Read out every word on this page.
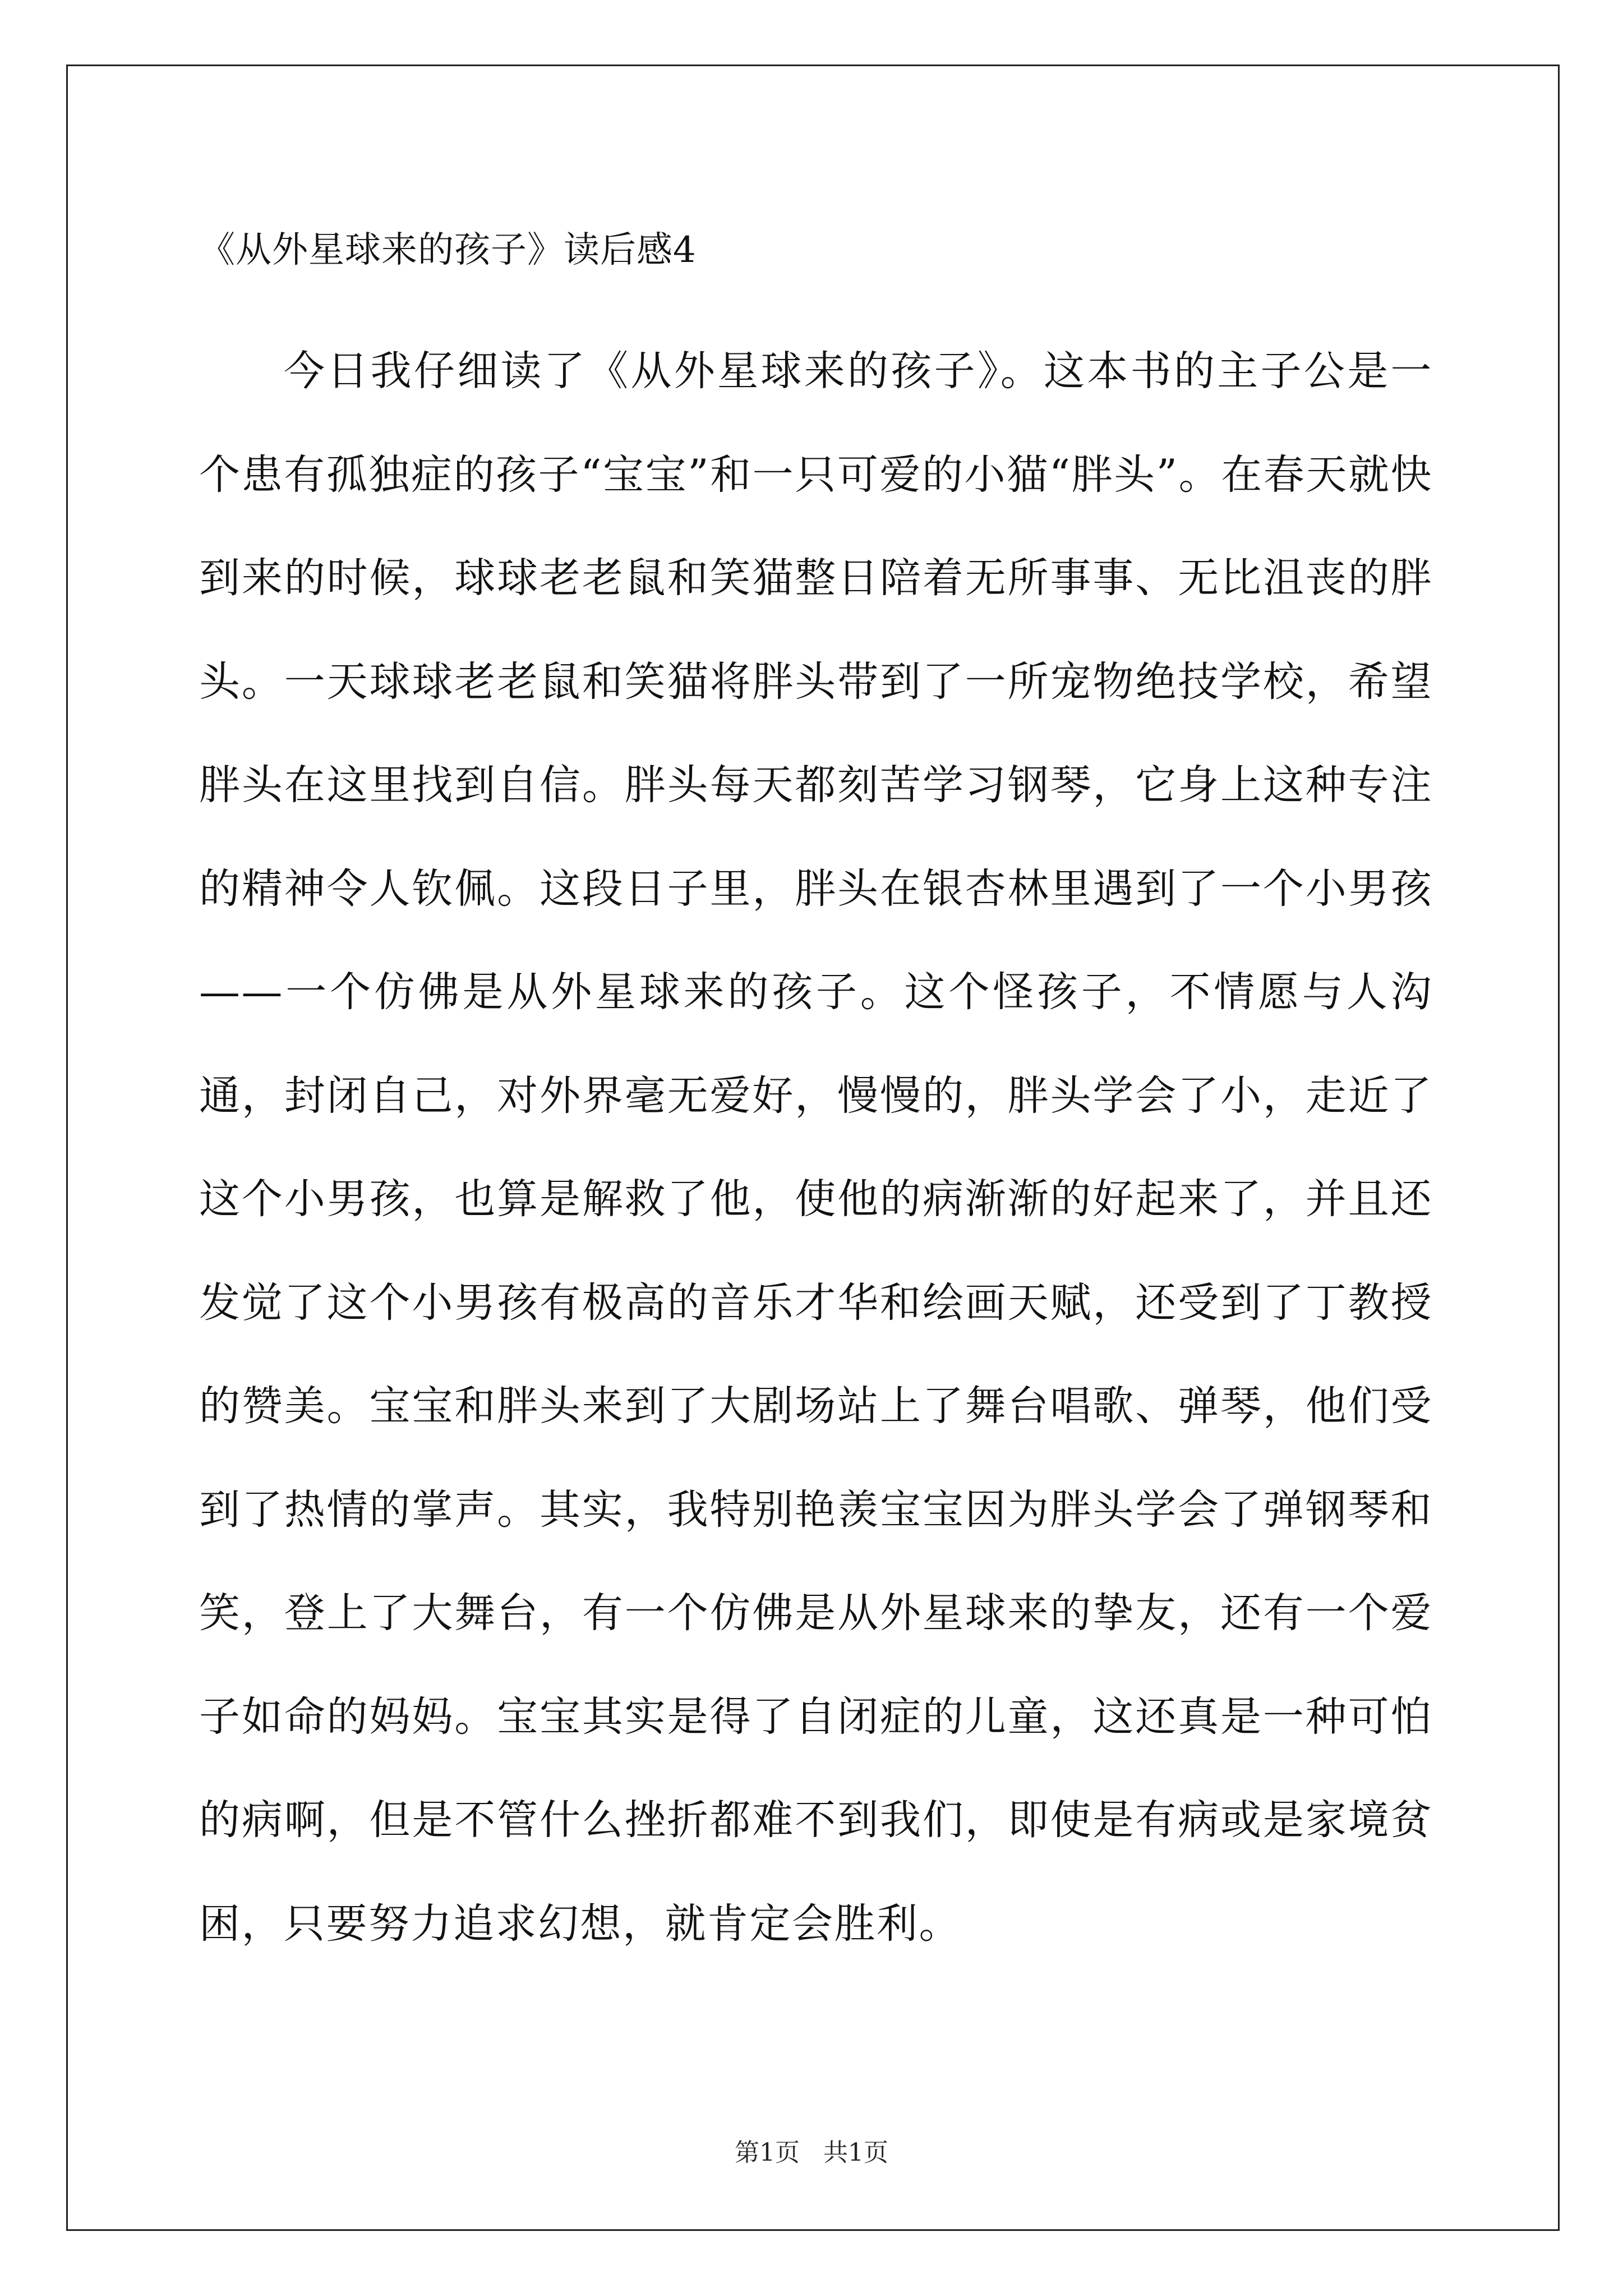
《从外星球来的孩子》读后感4

今日我仔细读了《从外星球来的孩子》。这本书的主子公是一个患有孤独症的孩子“宝宝”和一只可爱的小猫“胖头”。在春天就快到来的时候，球球老老鼠和笑猫整日陪着无所事事、无比沮丧的胖头。一天球球老老鼠和笑猫将胖头带到了一所宠物绝技学校，希望胖头在这里找到自信。胖头每天都刻苦学习钢琴，它身上这种专注的精神令人钦佩。这段日子里，胖头在银杏林里遇到了一个小男孩——一个仿佛是从外星球来的孩子。这个怪孩子，不情愿与人沟通，封闭自己，对外界毫无爱好，慢慢的，胖头学会了小，走近了这个小男孩，也算是解救了他，使他的病渐渐的好起来了，并且还发觉了这个小男孩有极高的音乐才华和绘画天赋，还受到了丁教授的赞美。宝宝和胖头来到了大剧场站上了舞台唱歌、弹琴，他们受到了热情的掌声。其实，我特别艳羡宝宝因为胖头学会了弹钢琴和笑，登上了大舞台，有一个仿佛是从外星球来的挚友，还有一个爱子如命的妈妈。宝宝其实是得了自闭症的儿童，这还真是一种可怕的病啊，但是不管什么挫折都难不到我们，即使是有病或是家境贫困，只要努力追求幻想，就肯定会胜利。

第1页   共1页
